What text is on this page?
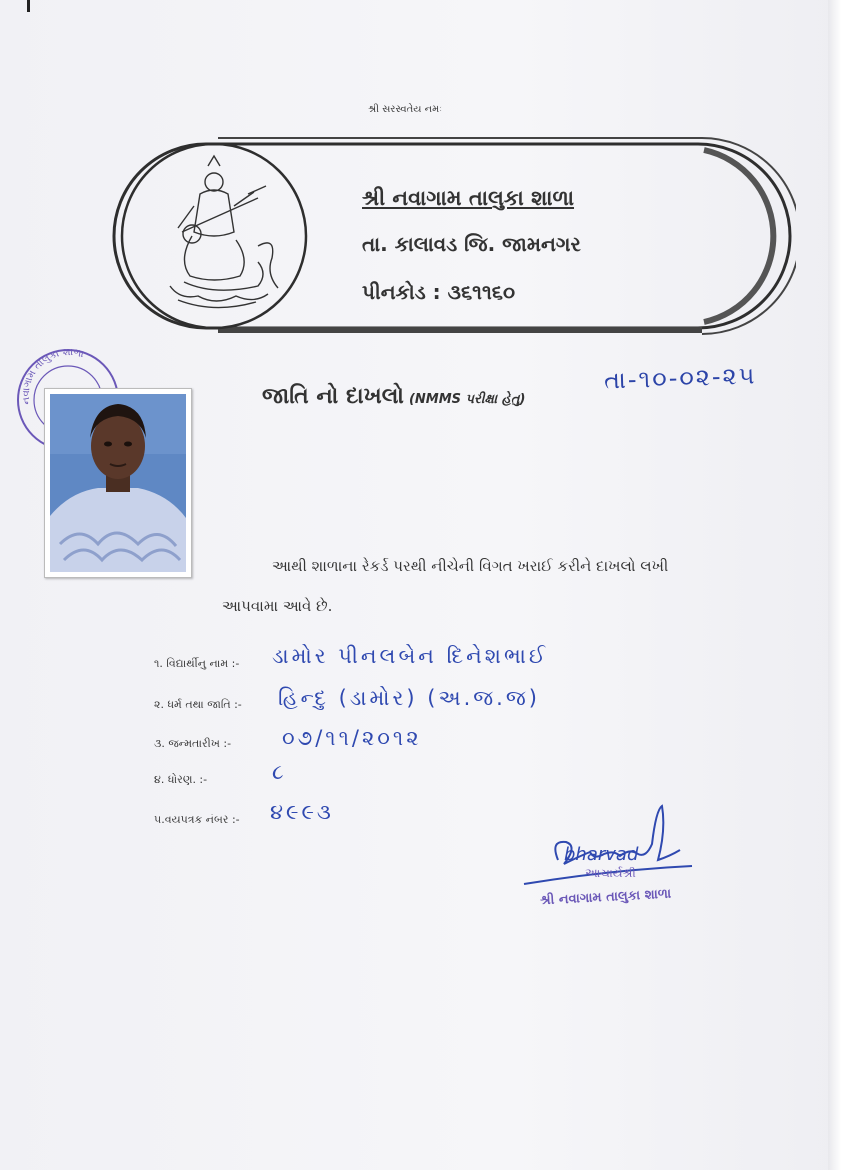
શ્રી સરસ્વતેય નમઃ
શ્રી નવાગામ તાલુકા શાળા
તા. કાલાવડ જિ. જામનગર
પીનકોડ : ૩૬૧૧૬૦
નવાગામ તાલુકા શાળા
જાતિ નો દાખલો (NMMS પરીક્ષા હેતુ)
તા-૧૦-૦૨-૨૫
આથી શાળાના રેકર્ડ પરથી નીચેની વિગત ખરાઈ કરીને દાખલો લખી
આપવામા આવે છે.
૧. વિદ્યાર્થીનુ નામ :- ડામોર પીનલબેન દિનેશભાઈ
૨. ધર્મ તથા જાતિ :- હિન્દુ (ડામોર) (અ.જ.જ)
૩. જન્મતારીખ :- ૦૭/૧૧/૨૦૧૨
૪. ધોરણ. :-	૮
૫.વયપત્રક નંબર :- ૪૯૯૩
bharvad
આચાર્યશ્રી
શ્રી નવાગામ તાલુકા શાળા
